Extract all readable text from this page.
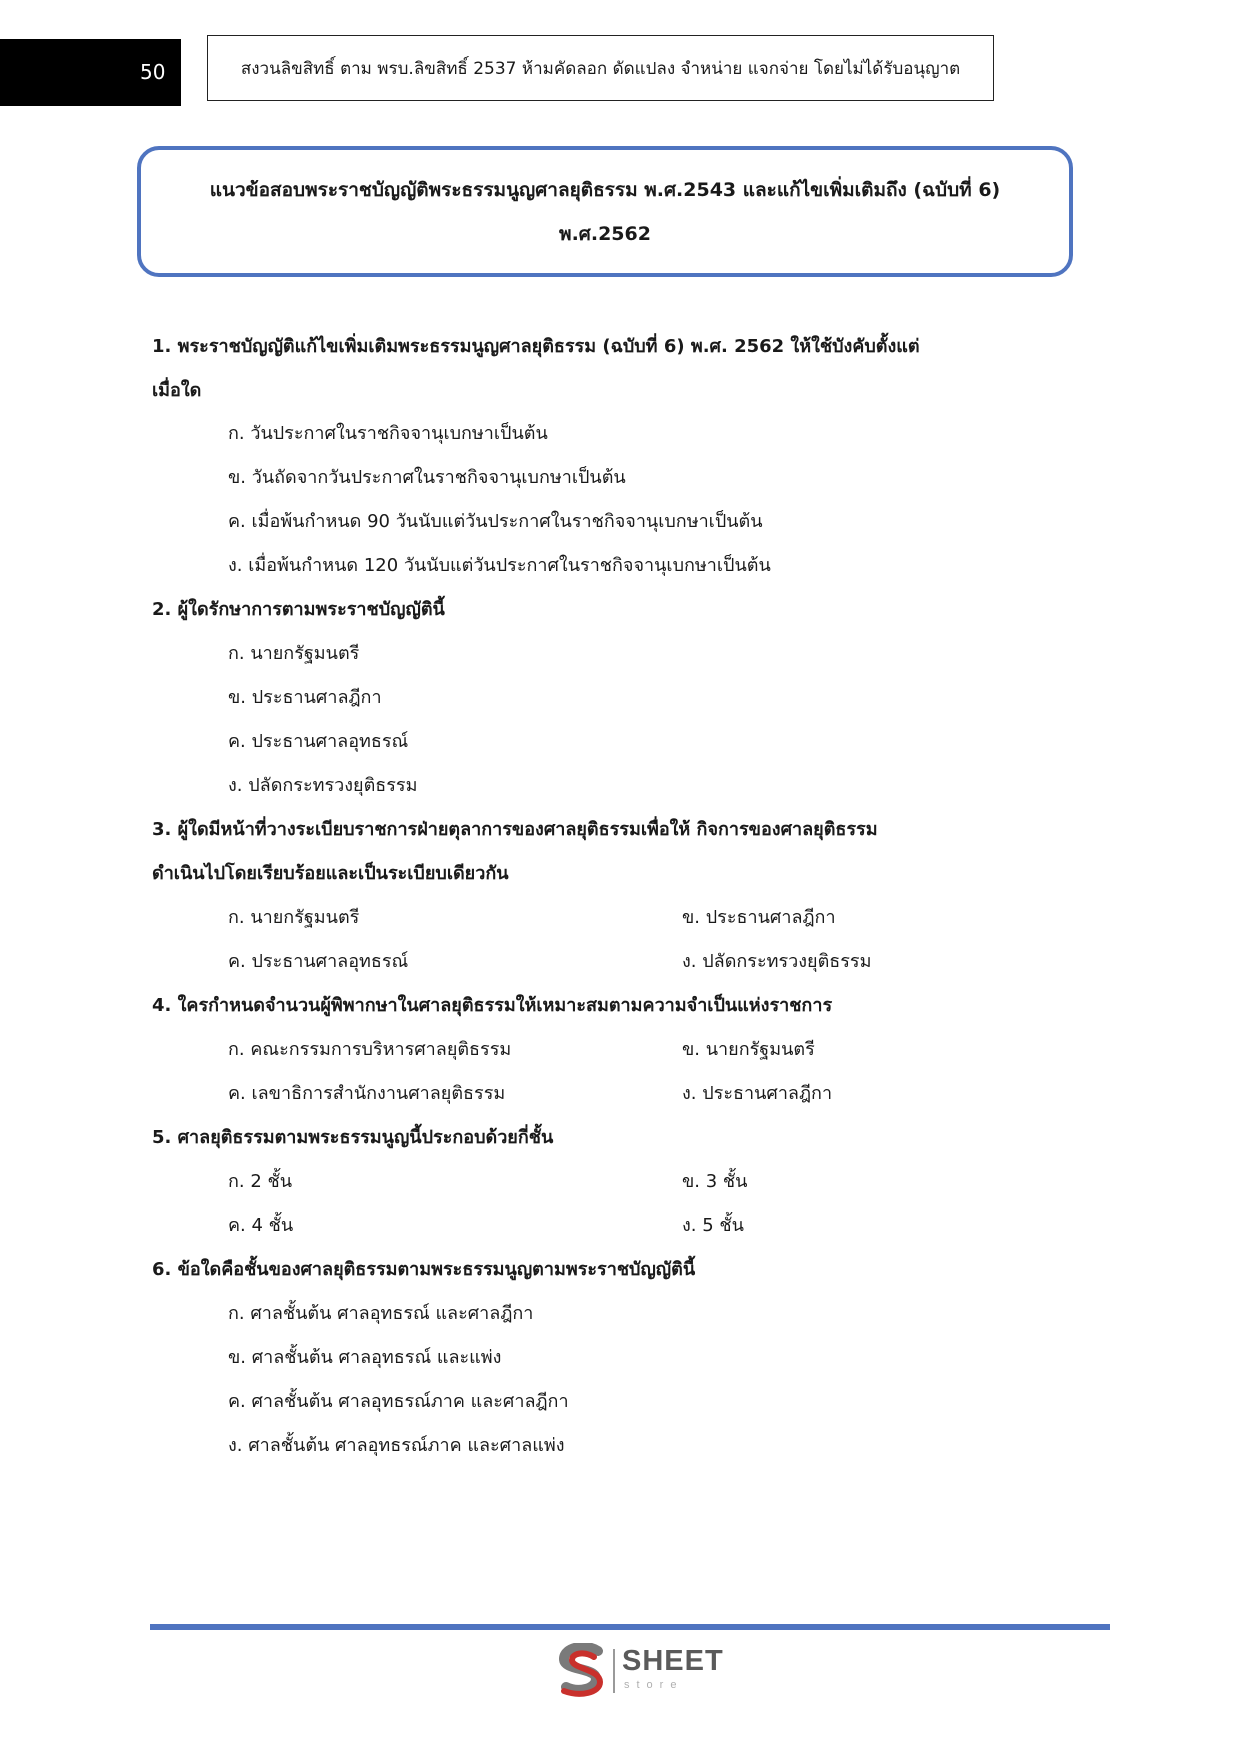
50	สงวนลิขสิทธิ์ ตาม พรบ.ลิขสิทธิ์ 2537 ห้ามคัดลอก ดัดแปลง จำหน่าย แจกจ่าย โดยไม่ได้รับอนุญาต
แนวข้อสอบพระราชบัญญัติพระธรรมนูญศาลยุติธรรม พ.ศ.2543 และแก้ไขเพิ่มเติมถึง (ฉบับที่ 6)
พ.ศ.2562
1. พระราชบัญญัติแก้ไขเพิ่มเติมพระธรรมนูญศาลยุติธรรม (ฉบับที่ 6) พ.ศ. 2562 ให้ใช้บังคับตั้งแต่
เมื่อใด
ก. วันประกาศในราชกิจจานุเบกษาเป็นต้น
ข. วันถัดจากวันประกาศในราชกิจจานุเบกษาเป็นต้น
ค. เมื่อพ้นกำหนด 90 วันนับแต่วันประกาศในราชกิจจานุเบกษาเป็นต้น
ง. เมื่อพ้นกำหนด 120 วันนับแต่วันประกาศในราชกิจจานุเบกษาเป็นต้น
2. ผู้ใดรักษาการตามพระราชบัญญัตินี้
ก. นายกรัฐมนตรี
ข. ประธานศาลฎีกา
ค. ประธานศาลอุทธรณ์
ง. ปลัดกระทรวงยุติธรรม
3. ผู้ใดมีหน้าที่วางระเบียบราชการฝ่ายตุลาการของศาลยุติธรรมเพื่อให้ กิจการของศาลยุติธรรม
ดำเนินไปโดยเรียบร้อยและเป็นระเบียบเดียวกัน
ก. นายกรัฐมนตรี	ข. ประธานศาลฎีกา
ค. ประธานศาลอุทธรณ์	ง. ปลัดกระทรวงยุติธรรม
4. ใครกำหนดจำนวนผู้พิพากษาในศาลยุติธรรมให้เหมาะสมตามความจำเป็นแห่งราชการ
ก. คณะกรรมการบริหารศาลยุติธรรม	ข. นายกรัฐมนตรี
ค. เลขาธิการสำนักงานศาลยุติธรรม	ง. ประธานศาลฎีกา
5. ศาลยุติธรรมตามพระธรรมนูญนี้ประกอบด้วยกี่ชั้น
ก. 2 ชั้น	ข. 3 ชั้น
ค. 4 ชั้น	ง. 5 ชั้น
6. ข้อใดคือชั้นของศาลยุติธรรมตามพระธรรมนูญตามพระราชบัญญัตินี้
ก. ศาลชั้นต้น ศาลอุทธรณ์ และศาลฎีกา
ข. ศาลชั้นต้น ศาลอุทธรณ์ และแพ่ง
ค. ศาลชั้นต้น ศาลอุทธรณ์ภาค และศาลฎีกา
ง. ศาลชั้นต้น ศาลอุทธรณ์ภาค และศาลแพ่ง
SHEET
store
